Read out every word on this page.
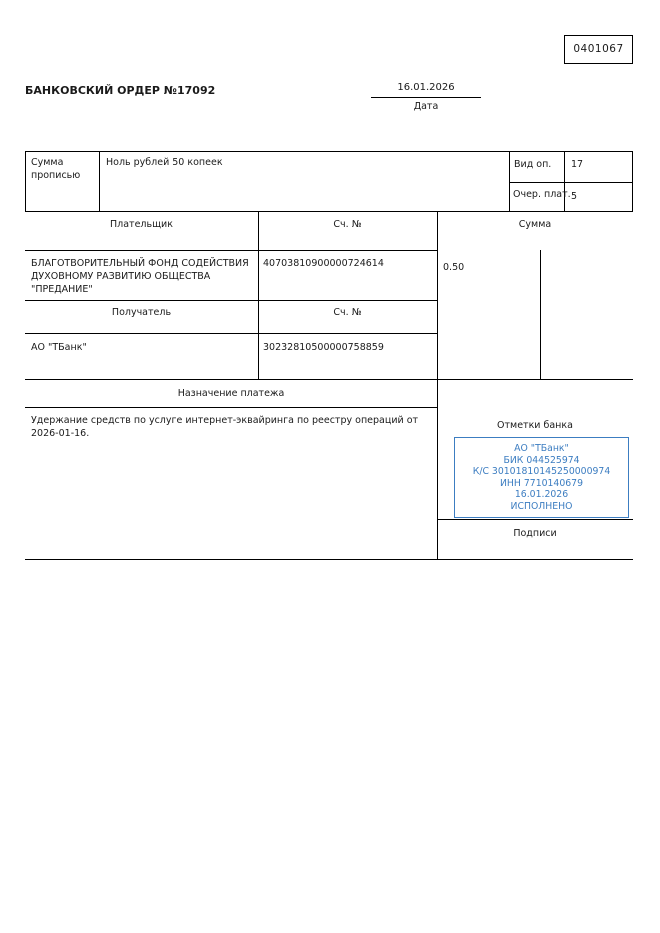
0401067
БАНКОВСКИЙ ОРДЕР №17092	16.01.2026
Дата
Сумма прописью
Ноль рублей 50 копеек	Вид оп. 17
Очер. плат. 5
Плательщик	Сч. №	Сумма
БЛАГОТВОРИТЕЛЬНЫЙ ФОНД СОДЕЙСТВИЯ ДУХОВНОМУ РАЗВИТИЮ ОБЩЕСТВА "ПРЕДАНИЕ"
40703810900000724614	0.50
Получатель	Сч. №
АО "ТБанк"	30232810500000758859
Назначение платежа
Удержание средств по услуге интернет-эквайринга по реестру операций от 2026-01-16.
Отметки банка
АО "ТБанк"
БИК 044525974
К/С 30101810145250000974
ИНН 7710140679
16.01.2026
ИСПОЛНЕНО
Подписи
